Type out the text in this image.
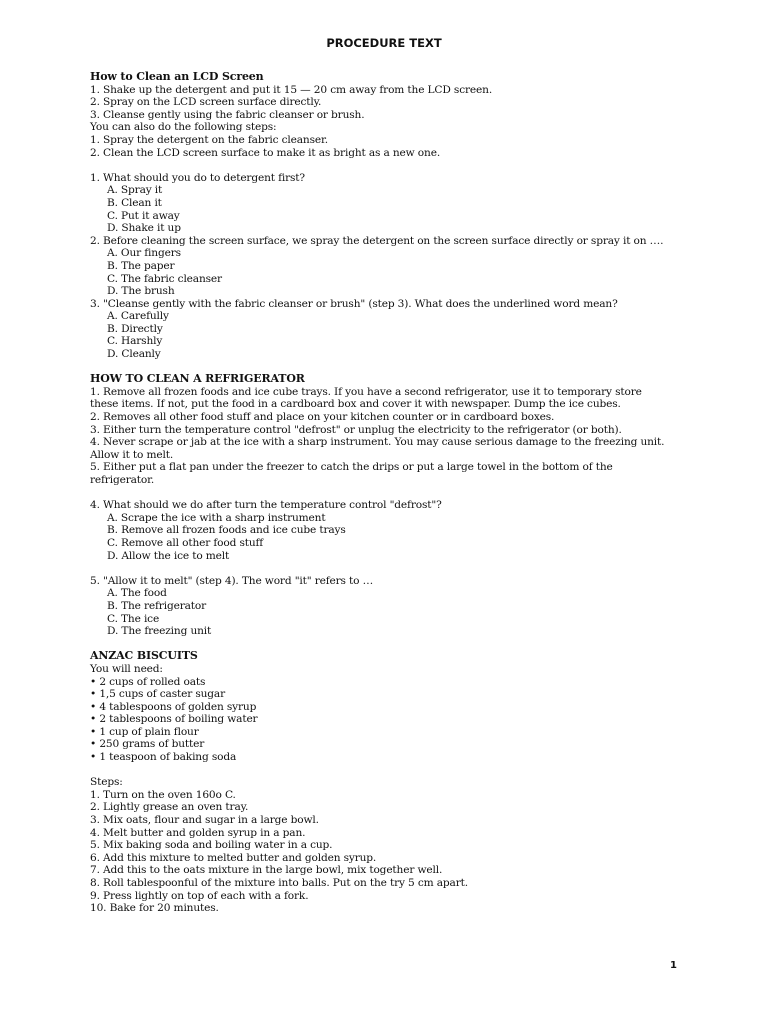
PROCEDURE TEXT
How to Clean an LCD Screen
1. Shake up the detergent and put it 15 — 20 cm away from the LCD screen.
2. Spray on the LCD screen surface directly.
3. Cleanse gently using the fabric cleanser or brush.
You can also do the following steps:
1. Spray the detergent on the fabric cleanser.
2. Clean the LCD screen surface to make it as bright as a new one.
1. What should you do to detergent first?
A. Spray it
B. Clean it
C. Put it away
D. Shake it up
2. Before cleaning the screen surface, we spray the detergent on the screen surface directly or spray it on ….
A. Our fingers
B. The paper
C. The fabric cleanser
D. The brush
3. "Cleanse gently with the fabric cleanser or brush" (step 3). What does the underlined word mean?
A. Carefully
B. Directly
C. Harshly
D. Cleanly
HOW TO CLEAN A REFRIGERATOR
1. Remove all frozen foods and ice cube trays. If you have a second refrigerator, use it to temporary store
these items. If not, put the food in a cardboard box and cover it with newspaper. Dump the ice cubes.
2. Removes all other food stuff and place on your kitchen counter or in cardboard boxes.
3. Either turn the temperature control "defrost" or unplug the electricity to the refrigerator (or both).
4. Never scrape or jab at the ice with a sharp instrument. You may cause serious damage to the freezing unit.
Allow it to melt.
5. Either put a flat pan under the freezer to catch the drips or put a large towel in the bottom of the
refrigerator.
4. What should we do after turn the temperature control "defrost"?
A. Scrape the ice with a sharp instrument
B. Remove all frozen foods and ice cube trays
C. Remove all other food stuff
D. Allow the ice to melt
5. "Allow it to melt" (step 4). The word "it" refers to …
A. The food
B. The refrigerator
C. The ice
D. The freezing unit
ANZAC BISCUITS
You will need:
• 2 cups of rolled oats
• 1,5 cups of caster sugar
• 4 tablespoons of golden syrup
• 2 tablespoons of boiling water
• 1 cup of plain flour
• 250 grams of butter
• 1 teaspoon of baking soda
Steps:
1. Turn on the oven 160o C.
2. Lightly grease an oven tray.
3. Mix oats, flour and sugar in a large bowl.
4. Melt butter and golden syrup in a pan.
5. Mix baking soda and boiling water in a cup.
6. Add this mixture to melted butter and golden syrup.
7. Add this to the oats mixture in the large bowl, mix together well.
8. Roll tablespoonful of the mixture into balls. Put on the try 5 cm apart.
9. Press lightly on top of each with a fork.
10. Bake for 20 minutes.
1
